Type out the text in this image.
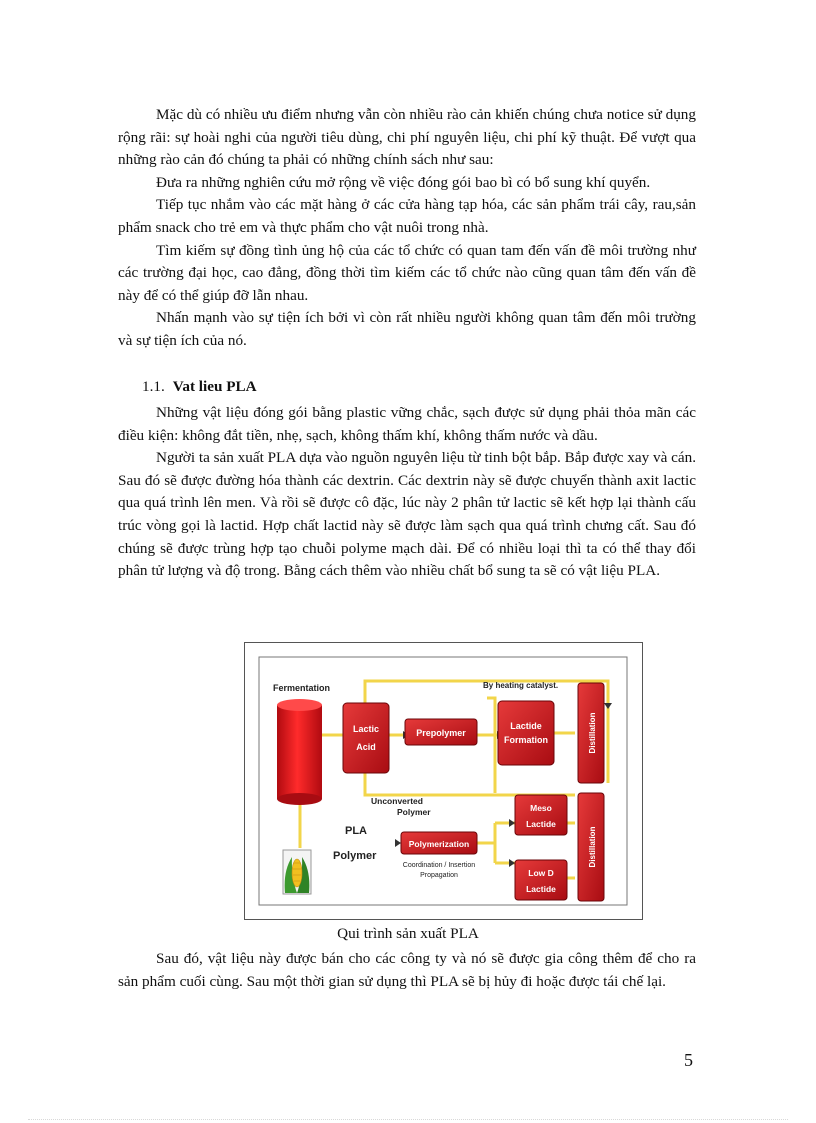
Mặc dù có nhiều ưu điểm nhưng vẫn còn nhiều rào cản khiến chúng chưa notice sử dụng rộng rãi: sự hoài nghi của người tiêu dùng, chi phí nguyên liệu, chi phí kỹ thuật. Để vượt qua những rào cản đó chúng ta phải có những chính sách như sau:

Đưa ra những nghiên cứu mở rộng về việc đóng gói bao bì có bổ sung khí quyển.

Tiếp tục nhắm vào các mặt hàng ở các cửa hàng tạp hóa, các sản phẩm trái cây, rau,sản phẩm snack cho trẻ em và thực phẩm cho vật nuôi trong nhà.

Tìm kiếm sự đồng tình ủng hộ của các tổ chức có quan tam đến vấn đề môi trường như các trường đại học, cao đẳng, đồng thời tìm kiếm các tổ chức nào cũng quan tâm đến vấn đề này để có thể giúp đỡ lẫn nhau.

Nhấn mạnh vào sự tiện ích bởi vì còn rất nhiều người không quan tâm đến môi trường và sự tiện ích của nó.

1.1. Vat lieu PLA

Những vật liệu đóng gói bằng plastic vững chắc, sạch được sử dụng phải thỏa mãn các điều kiện: không đắt tiền, nhẹ, sạch, không thấm khí, không thấm nước và dầu.

Người ta sản xuất PLA dựa vào nguồn nguyên liệu từ tinh bột bắp. Bắp được xay và cán. Sau đó sẽ được đường hóa thành các dextrin. Các dextrin này sẽ được chuyển thành axit lactic qua quá trình lên men. Và rồi sẽ được cô đặc, lúc này 2 phân tử lactic sẽ kết hợp lại thành cấu trúc vòng gọi là lactid. Hợp chất lactid này sẽ được làm sạch qua quá trình chưng cất. Sau đó chúng sẽ được trùng hợp tạo chuỗi polyme mạch dài. Để có nhiều loại thì ta có thể thay đổi phân tử lượng và độ trong. Bằng cách thêm vào nhiều chất bổ sung ta sẽ có vật liệu PLA.

Fermentation	By heating catalyst.
Lactic
Acid
Prepolymer
Lactide
Formation	Distillation
Distillation
Unconverted
Polymer
PLA
Polymer
Polymerization
Coordination / Insertion
Propagation
Meso
Lactide
Low D
Lactide
Qui trình sản xuất PLA

Sau đó, vật liệu này được bán cho các công ty và nó sẽ được gia công thêm để cho ra sản phẩm cuối cùng. Sau một thời gian sử dụng thì PLA sẽ bị hủy đi hoặc được tái chế lại.

5
